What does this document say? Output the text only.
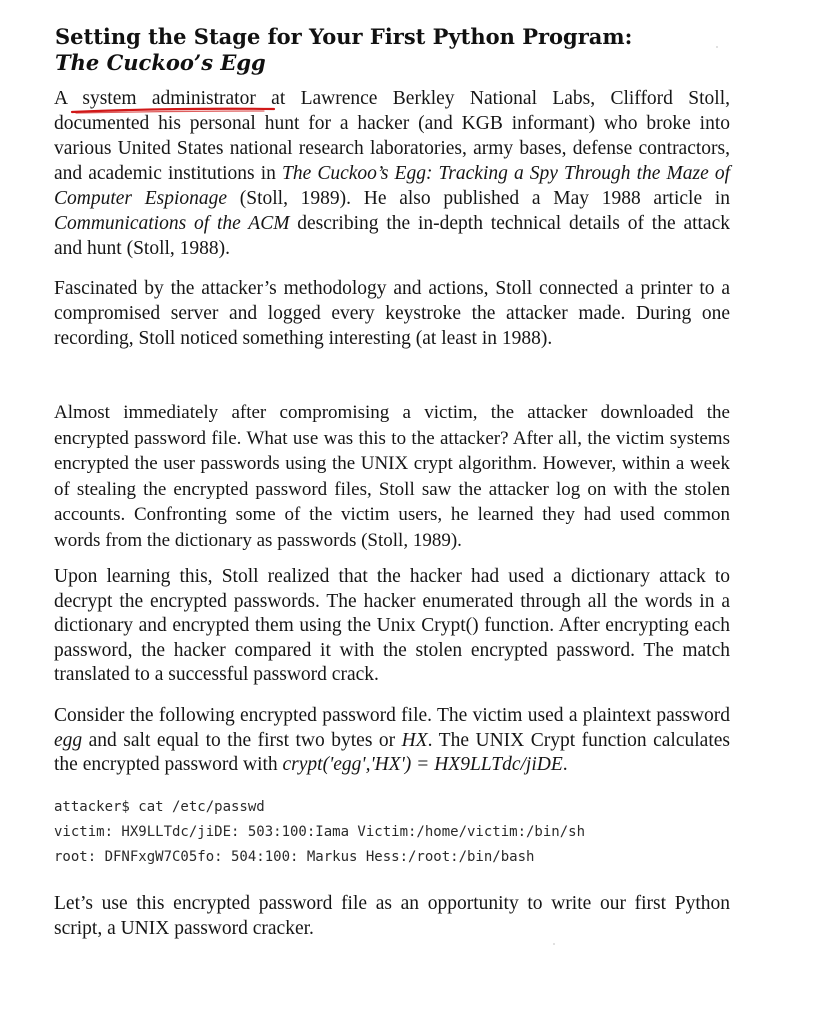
Setting the Stage for Your First Python Program:
The Cuckoo’s Egg

A system administrator at Lawrence Berkley National Labs, Clifford Stoll, documented his personal hunt for a hacker (and KGB informant) who broke into various United States national research laboratories, army bases, defense contractors, and academic institutions in The Cuckoo’s Egg: Tracking a Spy Through the Maze of Computer Espionage (Stoll, 1989). He also published a May 1988 article in Communications of the ACM describing the in-depth technical details of the attack and hunt (Stoll, 1988).

Fascinated by the attacker’s methodology and actions, Stoll connected a printer to a compromised server and logged every keystroke the attacker made. During one recording, Stoll noticed something interesting (at least in 1988).

Almost immediately after compromising a victim, the attacker downloaded the encrypted password file. What use was this to the attacker? After all, the victim systems encrypted the user passwords using the UNIX crypt algorithm. However, within a week of stealing the encrypted password files, Stoll saw the attacker log on with the stolen accounts. Confronting some of the victim users, he learned they had used common words from the dictionary as passwords (Stoll, 1989).

Upon learning this, Stoll realized that the hacker had used a dictionary attack to decrypt the encrypted passwords. The hacker enumerated through all the words in a dictionary and encrypted them using the Unix Crypt() function. After encrypting each password, the hacker compared it with the stolen encrypted password. The match translated to a successful password crack.

Consider the following encrypted password file. The victim used a plaintext password egg and salt equal to the first two bytes or HX. The UNIX Crypt function calculates the encrypted password with crypt('egg','HX') = HX9LLTdc/jiDE.

attacker$ cat /etc/passwd
victim: HX9LLTdc/jiDE: 503:100:Iama Victim:/home/victim:/bin/sh
root: DFNFxgW7C05fo: 504:100: Markus Hess:/root:/bin/bash

Let’s use this encrypted password file as an opportunity to write our first Python script, a UNIX password cracker.
